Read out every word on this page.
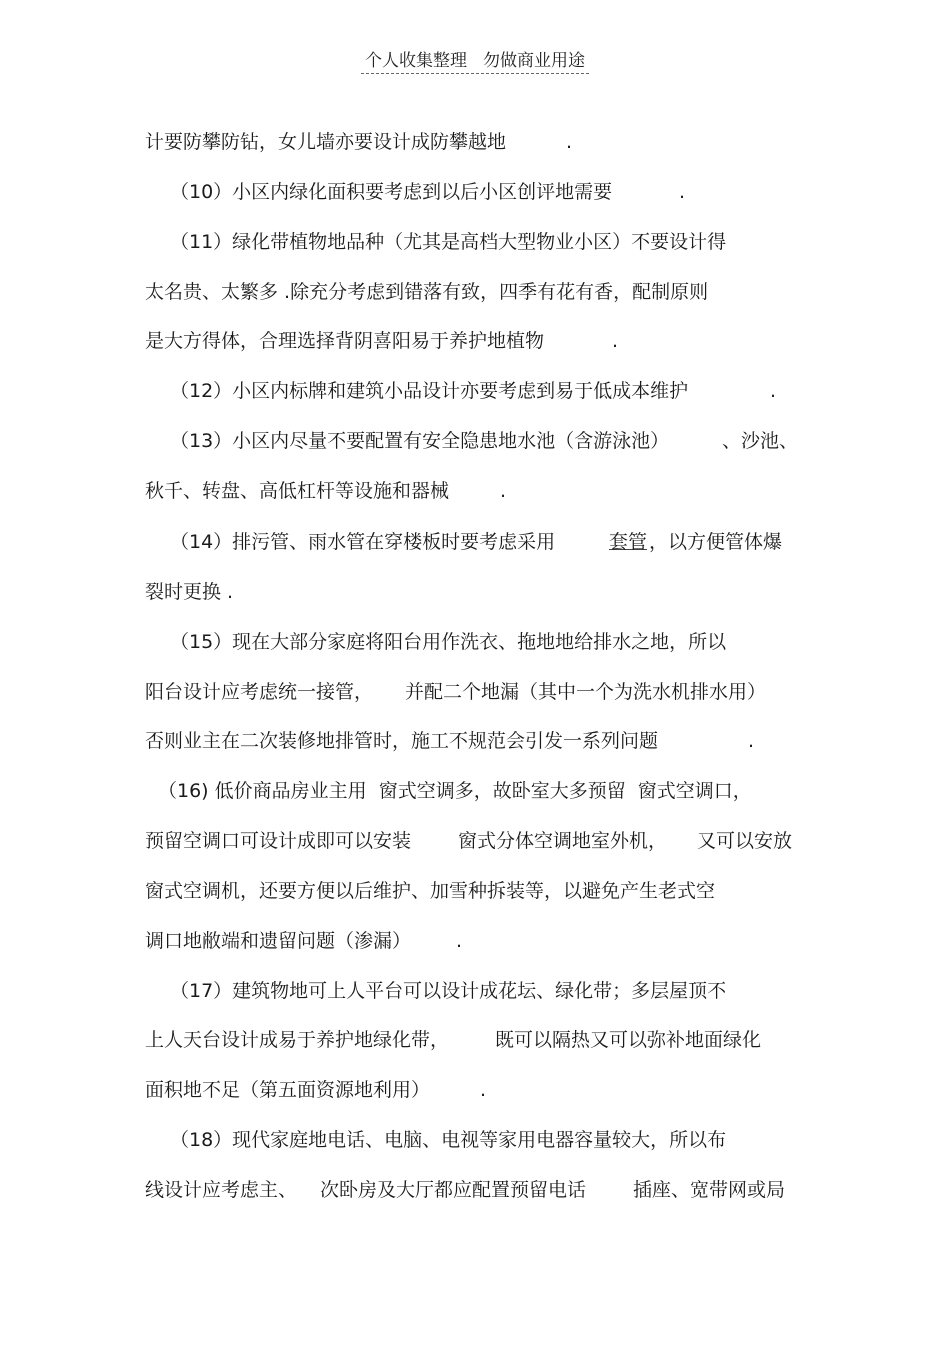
个人收集整理 勿做商业用途

计要防攀防钻，女儿墙亦要设计成防攀越地

	.

（10）小区内绿化面积要考虑到以后小区创评地需要

	.

（11）绿化带植物地品种（尤其是高档大型物业小区）不要设计得

太名贵、太繁多 .除充分考虑到错落有致，四季有花有香，配制原则

是大方得体，合理选择背阴喜阳易于养护地植物

	.

（12）小区内标牌和建筑小品设计亦要考虑到易于低成本维护

	.

（13）小区内尽量不要配置有安全隐患地水池（含游泳池）

	、沙池、

秋千、转盘、高低杠杆等设施和器械

	.

（14）排污管、雨水管在穿楼板时要考虑采用

	套管

，以方便管体爆

裂时更换 .

（15）现在大部分家庭将阳台用作洗衣、拖地地给排水之地，所以

阳台设计应考虑统一接管，

并配二个地漏（其中一个为洗水机排水用）

否则业主在二次装修地排管时，施工不规范会引发一系列问题

	.

（16) 低价商品房业主用  窗式空调多，故卧室大多预留  窗式空调口，

预留空调口可设计成即可以安装

窗式分体空调地室外机，

又可以安放

窗式空调机，还要方便以后维护、加雪种拆装等，以避免产生老式空

调口地敝端和遗留问题（渗漏）

.

（17）建筑物地可上人平台可以设计成花坛、绿化带；多层屋顶不

上人天台设计成易于养护地绿化带，

既可以隔热又可以弥补地面绿化

面积地不足（第五面资源地利用）

	.

（18）现代家庭地电话、电脑、电视等家用电器容量较大，所以布

线设计应考虑主、

次卧房及大厅都应配置预留电话

插座、宽带网或局
